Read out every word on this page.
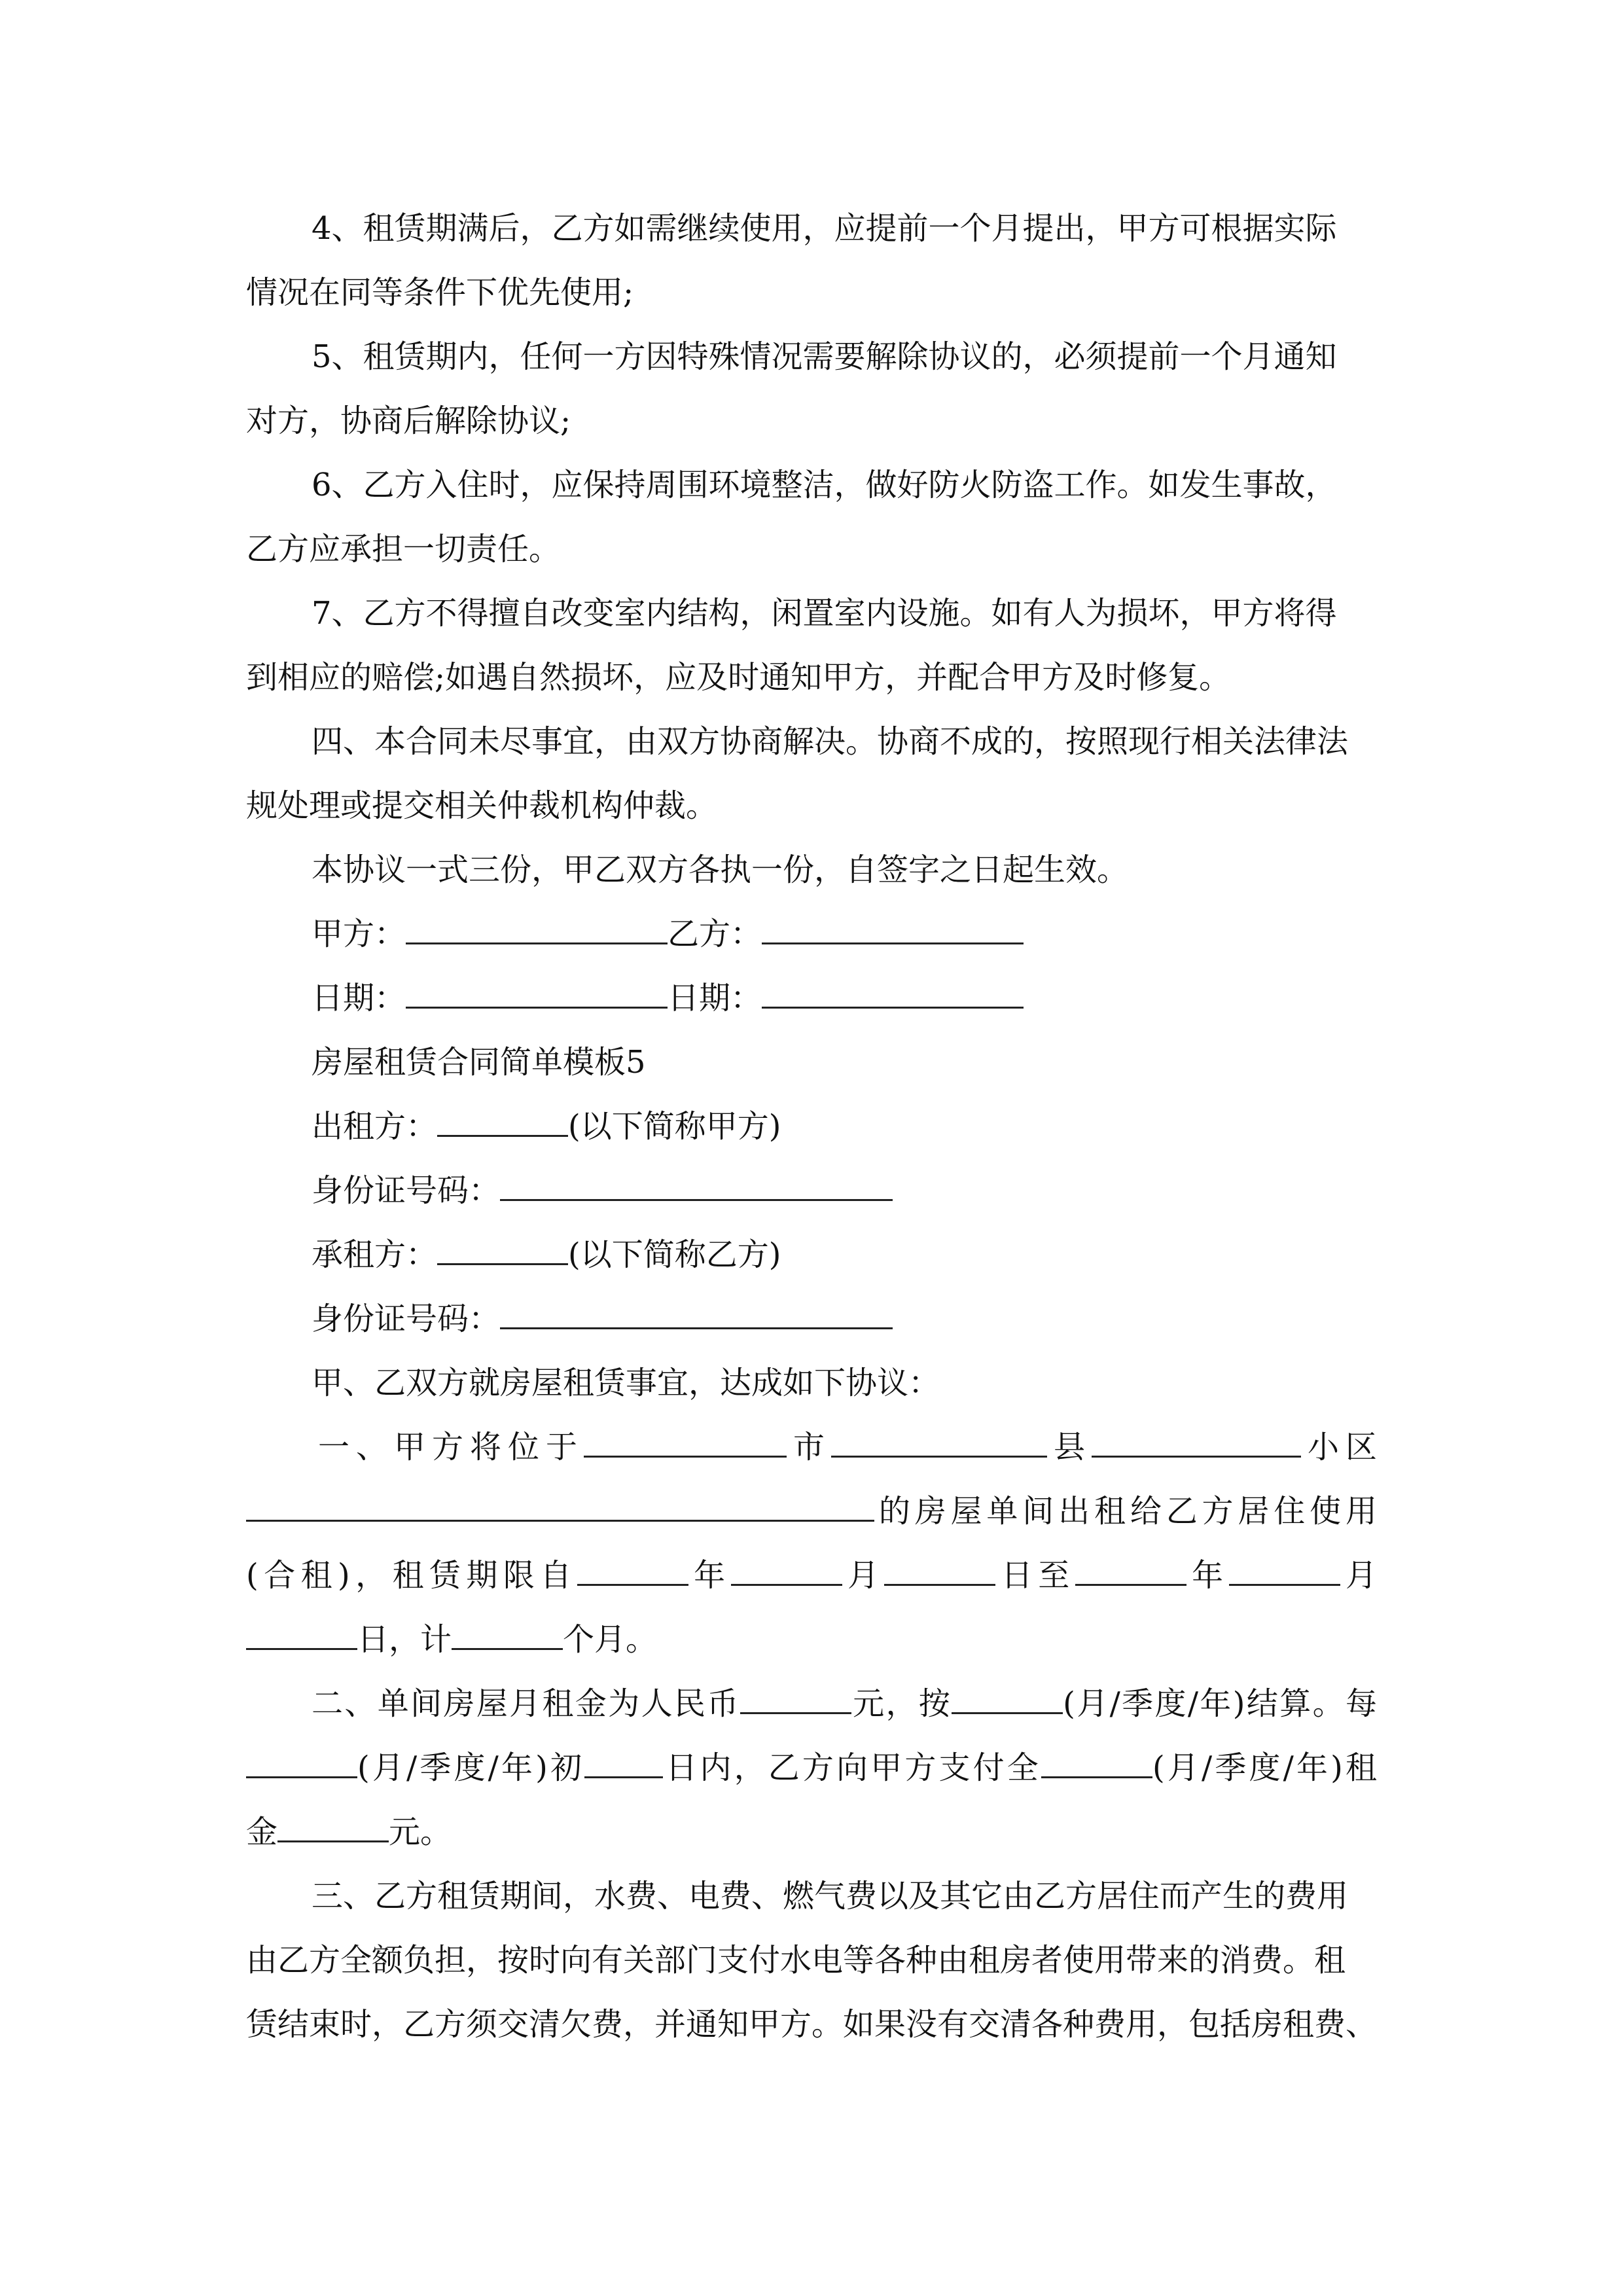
4、租赁期满后，乙方如需继续使用，应提前一个月提出，甲方可根据实际

情况在同等条件下优先使用;

5、租赁期内，任何一方因特殊情况需要解除协议的，必须提前一个月通知

对方，协商后解除协议;

6、乙方入住时，应保持周围环境整洁，做好防火防盗工作。如发生事故，

乙方应承担一切责任。

7、乙方不得擅自改变室内结构，闲置室内设施。如有人为损坏，甲方将得

到相应的赔偿;如遇自然损坏，应及时通知甲方，并配合甲方及时修复。

四、本合同未尽事宜，由双方协商解决。协商不成的，按照现行相关法律法

规处理或提交相关仲裁机构仲裁。

本协议一式三份，甲乙双方各执一份，自签字之日起生效。

甲方：	乙方：

日期：	日期：

房屋租赁合同简单模板5

出租方：	(以下简称甲方)

身份证号码：

承租方：	(以下简称乙方)

身份证号码：

甲、乙双方就房屋租赁事宜，达成如下协议：

一、甲方将位于	市	县	小区

的房屋单间出租给乙方居住使用

(合租)，租赁期限自	年	月	日至	年	月

日，计	个月。

二、单间房屋月租金为人民币	元，按	(月/季度/年)结算。每

(月/季度/年)初	日内，乙方向甲方支付全	(月/季度/年)租

金	元。

三、乙方租赁期间，水费、电费、燃气费以及其它由乙方居住而产生的费用

由乙方全额负担，按时向有关部门支付水电等各种由租房者使用带来的消费。租

赁结束时，乙方须交清欠费，并通知甲方。如果没有交清各种费用，包括房租费、
